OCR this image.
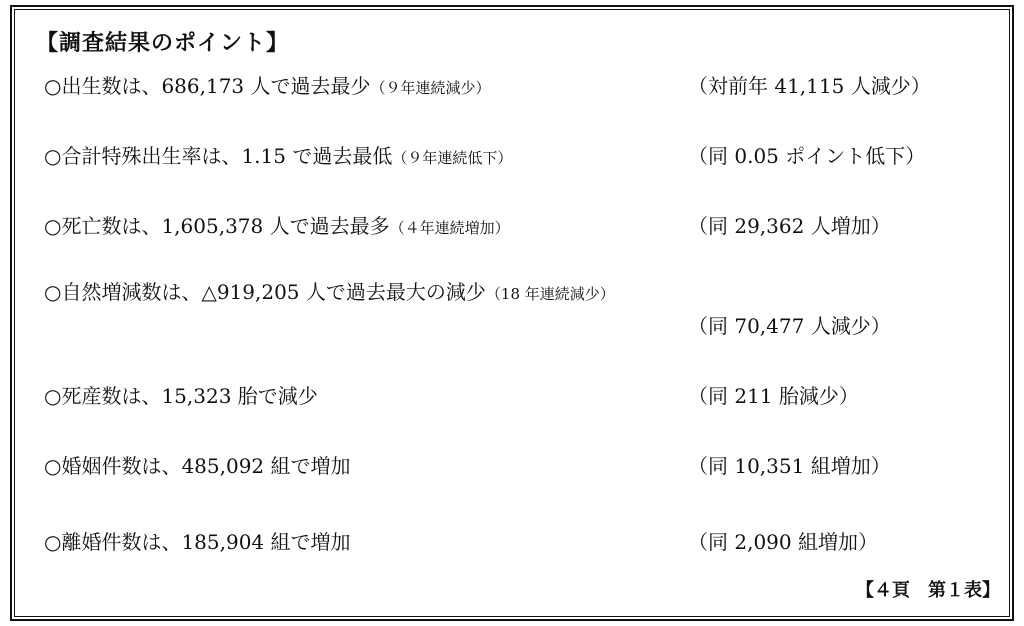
【調査結果のポイント】
○出生数は、686,173 人で過去最少（９年連続減少）	（対前年 41,115 人減少）
○合計特殊出生率は、1.15 で過去最低（９年連続低下）	（同 0.05 ポイント低下）
○死亡数は、1,605,378 人で過去最多（４年連続増加）	（同 29,362 人増加）
○自然増減数は、△919,205 人で過去最大の減少（18 年連続減少）
（同 70,477 人減少）
○死産数は、15,323 胎で減少	（同 211 胎減少）
○婚姻件数は、485,092 組で増加	（同 10,351 組増加）
○離婚件数は、185,904 組で増加	（同 2,090 組増加）
【４頁　第１表】
